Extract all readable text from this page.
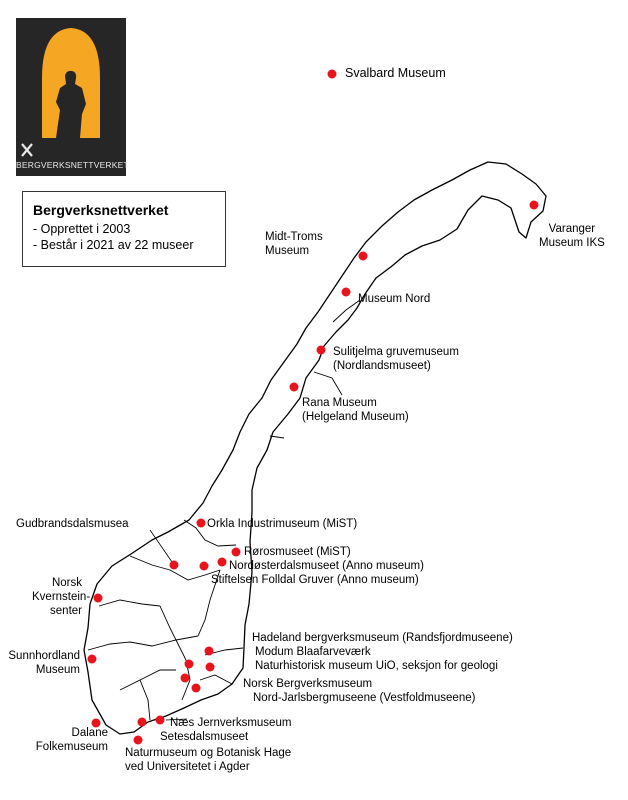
BERGVERKSNETTVERKET
Bergverksnettverket
- Opprettet i 2003
- Består i 2021 av 22 museer
Svalbard Museum
Varanger
Museum IKS
Midt-Troms
Museum
Museum Nord
Sulitjelma gruvemuseum
(Nordlandsmuseet)
Rana Museum
(Helgeland Museum)
Gudbrandsdalsmusea	Orkla Industrimuseum (MiST)
Rørosmuseet (MiST)
Nordøsterdalsmuseet (Anno museum)
Stiftelsen Folldal Gruver (Anno museum)
Norsk
Kvernstein-
senter
Sunnhordland
Museum
Hadeland bergverksmuseum (Randsfjordmuseene)
Modum Blaafarveværk
Naturhistorisk museum UiO, seksjon for geologi
Norsk Bergverksmuseum
Nord-Jarlsbergmuseene (Vestfoldmuseene)
Dalane
Folkemuseum
Næs Jernverksmuseum
Setesdalsmuseet
Naturmuseum og Botanisk Hage
ved Universitetet i Agder
